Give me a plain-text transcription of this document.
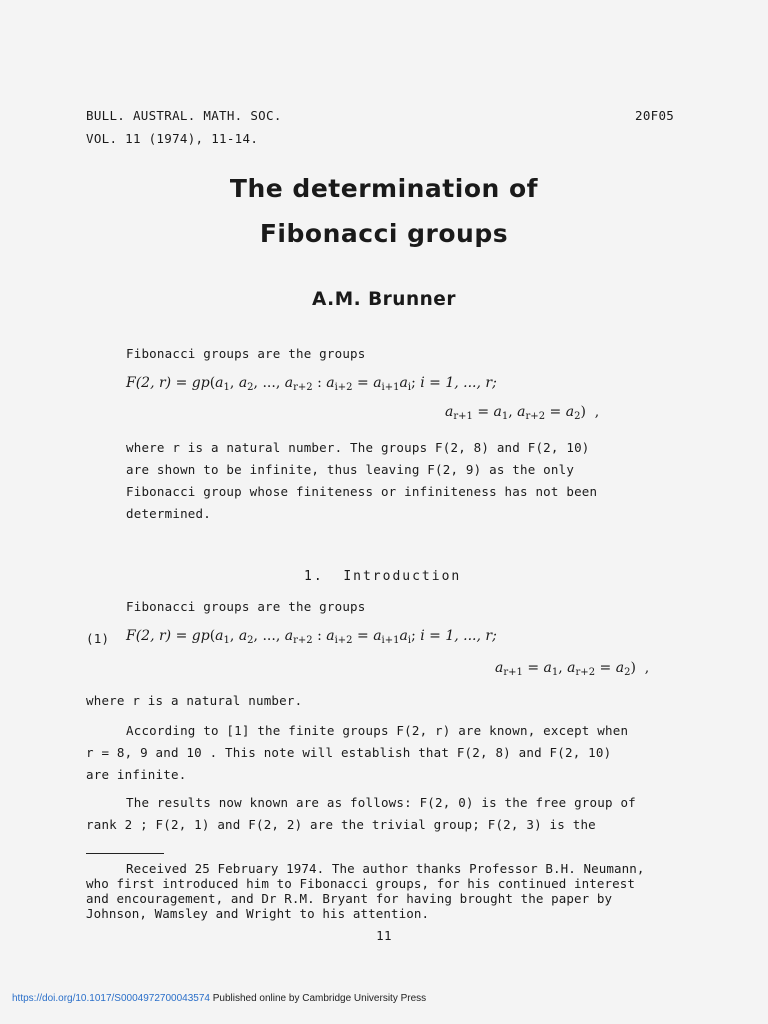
BULL. AUSTRAL. MATH. SOC.
VOL. 11 (1974), 11-14.
20F05
The determination of
Fibonacci groups
A.M. Brunner
Fibonacci groups are the groups
F(2, $r) = gp(a_1$, $a_2$, ..., $a_{r+2}$ : $a_{i+2} = a_{i+1}a_i$; i = 1, ..., r;
$a_{r+1} = a_1$, $a_{r+2} = a_2$)  ,
where r is a natural number. The groups F(2, 8) and F(2, 10)
are shown to be infinite, thus leaving F(2, 9) as the only
Fibonacci group whose finiteness or infiniteness has not been
determined.
1. Introduction
Fibonacci groups are the groups
(1) F(2, $r) = gp(a_1$, $a_2$, ..., $a_{r+2}$ : $a_{i+2} = a_{i+1}a_i$; i = 1, ..., r;
$a_{r+1} = a_1$, $a_{r+2} = a_2$)  ,
where r is a natural number.
According to [1] the finite groups F(2, r) are known, except when
r = 8, 9 and 10 . This note will establish that F(2, 8) and F(2, 10)
are infinite.
The results now known are as follows: F(2, 0) is the free group of
rank 2 ; F(2, 1) and F(2, 2) are the trivial group; F(2, 3) is the
Received 25 February 1974. The author thanks Professor B.H. Neumann,
who first introduced him to Fibonacci groups, for his continued interest
and encouragement, and Dr R.M. Bryant for having brought the paper by
Johnson, Wamsley and Wright to his attention.
11
https://doi.org/10.1017/S0004972700043574 Published online by Cambridge University Press
